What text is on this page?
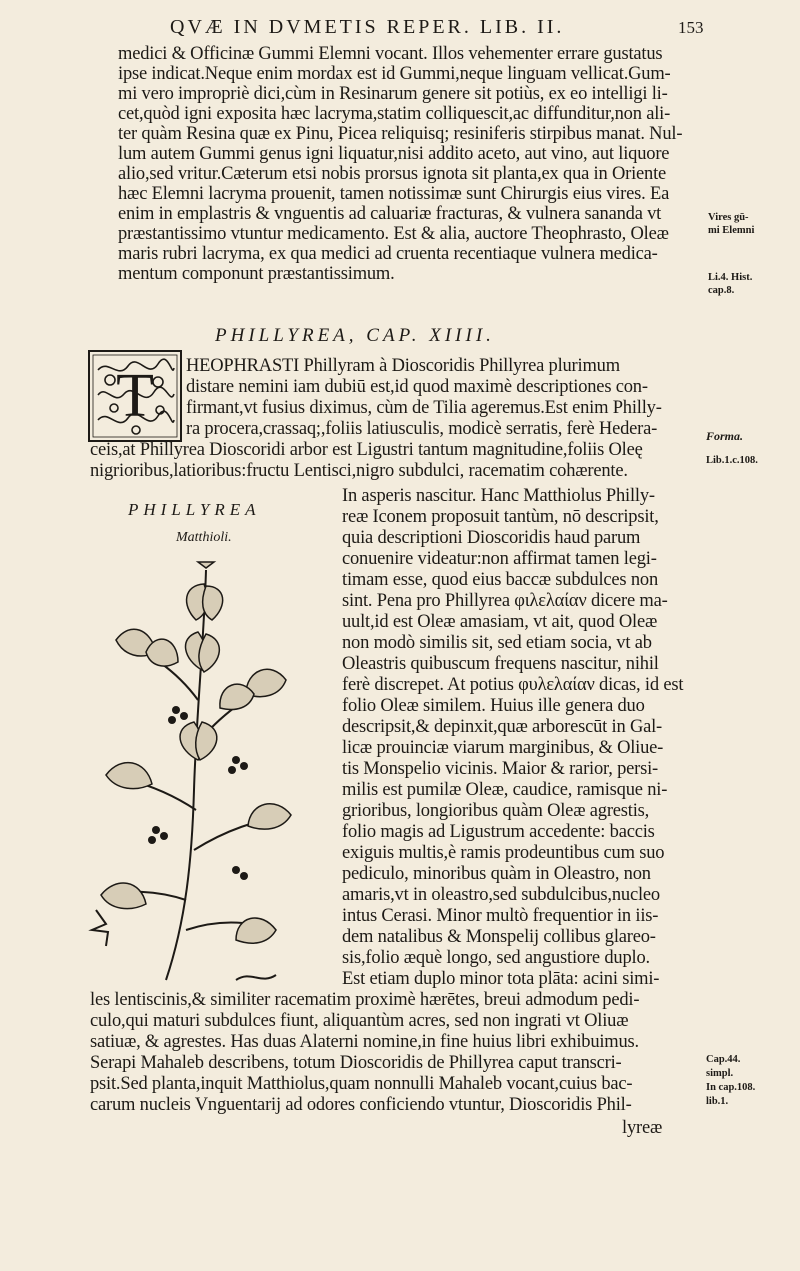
QVÆ IN DVMETIS REPER. LIB. II.	153
medici & Officinæ Gummi Elemni vocant. Illos vehementer errare gustatus
ipse indicat.Neque enim mordax est id Gummi,neque linguam vellicat.Gum-
mi vero impropriè dici,cùm in Resinarum genere sit potiùs, ex eo intelligi li-
cet,quòd igni exposita hæc lacryma,statim colliquescit,ac diffunditur,non ali-
ter quàm Resina quæ ex Pinu, Picea reliquisq; resiniferis stirpibus manat. Nul-
lum autem Gummi genus igni liquatur,nisi addito aceto, aut vino, aut liquore
alio,sed vritur.Cæterum etsi nobis prorsus ignota sit planta,ex qua in Oriente
hæc Elemni lacryma prouenit, tamen notissimæ sunt Chirurgis eius vires. Ea
enim in emplastris & vnguentis ad caluariæ fracturas, & vulnera sananda vt
præstantissimo vtuntur medicamento. Est & alia, auctore Theophrasto, Oleæ
maris rubri lacryma, ex qua medici ad cruenta recentiaque vulnera medica-
mentum componunt præstantissimum.
Vires gū-
mi Elemni
Li.4. Hist.
cap.8.
PHILLYREA, CAP. XIIII.
T HEOPHRASTI Phillyram à Dioscoridis Phillyrea plurimum
distare nemini iam dubiū est,id quod maximè descriptiones con-
firmant,vt fusius diximus, cùm de Tilia ageremus.Est enim Philly-
ra procera,crassaq;,foliis latiusculis, modicè serratis, ferè Hedera-
ceis,at Phillyrea Dioscoridi arbor est Ligustri tantum magnitudine,foliis Oleę
nigrioribus,latioribus:fructu Lentisci,nigro subdulci, racematim cohærente.
Forma.
Lib.1.c.108.
PHILLYREA
Matthioli.
In asperis nascitur. Hanc Matthiolus Philly-
reæ Iconem proposuit tantùm, nō descripsit,
quia descriptioni Dioscoridis haud parum
conuenire videatur:non affirmat tamen legi-
timam esse, quod eius baccæ subdulces non
sint. Pena pro Phillyrea φιλελαίαν dicere ma-
uult,id est Oleæ amasiam, vt ait, quod Oleæ
non modò similis sit, sed etiam socia, vt ab
Oleastris quibuscum frequens nascitur, nihil
ferè discrepet. At potius φυλελαίαν dicas, id est
folio Oleæ similem. Huius ille genera duo
descripsit,& depinxit,quæ arborescūt in Gal-
licæ prouinciæ viarum marginibus, & Oliue-
tis Monspelio vicinis. Maior & rarior, persi-
milis est pumilæ Oleæ, caudice, ramisque ni-
grioribus, longioribus quàm Oleæ agrestis,
folio magis ad Ligustrum accedente: baccis
exiguis multis,è ramis prodeuntibus cum suo
pediculo, minoribus quàm in Oleastro, non
amaris,vt in oleastro,sed subdulcibus,nucleo
intus Cerasi. Minor multò frequentior in iis-
dem natalibus & Monspelij collibus glareo-
sis,folio æquè longo, sed angustiore duplo.
Est etiam duplo minor tota plāta: acini simi-
les lentiscinis,& similiter racematim proximè hærētes, breui admodum pedi-
culo,qui maturi subdulces fiunt, aliquantùm acres, sed non ingrati vt Oliuæ
satiuæ, & agrestes. Has duas Alaterni nomine,in fine huius libri exhibuimus.
Serapi Mahaleb describens, totum Dioscoridis de Phillyrea caput transcri-
psit.Sed planta,inquit Matthiolus,quam nonnulli Mahaleb vocant,cuius bac-
carum nucleis Vnguentarij ad odores conficiendo vtuntur, Dioscoridis Phil-
lyreæ
Cap.44.
simpl.
In cap.108.
lib.1.
